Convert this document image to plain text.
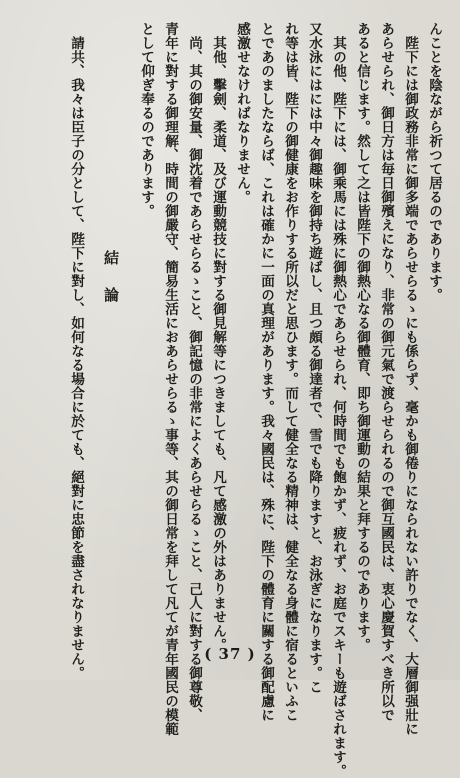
んことを陰ながら祈つて居るのであります。
　陛下には御政務非常に御多端であらせらるゝにも係らず、毫かも御倦りになられない許りでなく、大層御强壯に
あらせられ、御日方は毎日御殯えになり、非常の御元氣で渡らせられるので御互國民は、衷心慶賀すべき所以で
あると信じます。然して之は皆陛下の御熱心なる御體育、即ち御運動の結果と拜するのであります。
　其の他、陛下には、御乘馬には殊に御熱心であらせられ、何時間でも飽かず、疲れず、お庭でスキーも遊ばされます。
又水泳にはには中々御趣味を御持ち遊ばし、且つ頗る御達者で、雪でも降りますと、お泳ぎになります。こ
れ等は皆、陛下の御健康をお作りする所以だと思ひます。而して健全なる精神は、健全なる身體に宿るといふこ
とであのましたならば、これは確かに一面の真理があります。我々國民は、殊に、陛下の體育に關する御配慮に
感激せなければなりません。
　其他、擊劍、柔道、及び運動競技に對する御見解等につきましても、凡て感激の外はありません。
　尚、其の御安量、御沈着であらせらるゝこと、御記憶の非常によくあらせらるゝこと、己人に對する御尊敬、
青年に對する御理解、時間の御嚴守、簡易生活におあらせらるゝ事等、其の御日常を拜して凡てが青年國民の模範
として仰ぎ奉るのであります。
結論
　請共、我々は臣子の分として、陛下に對し、如何なる場合に於ても、絕對に忠節を盡されなりません。	( 37 )
